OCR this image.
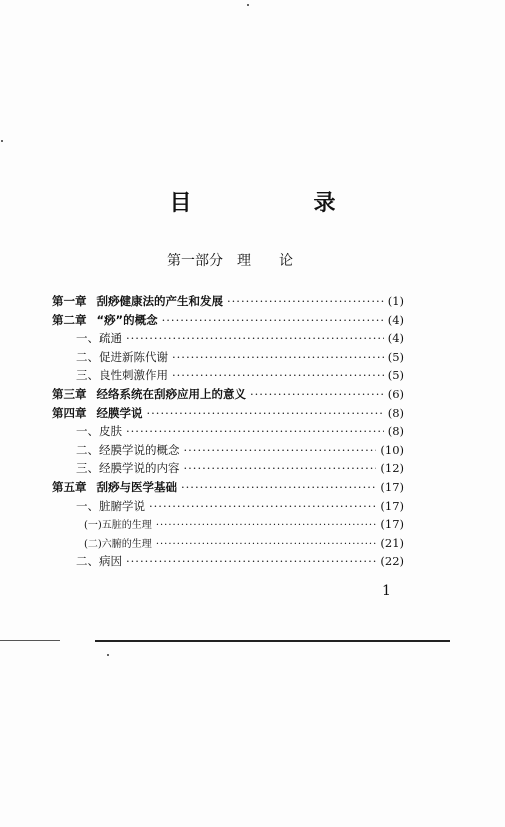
目　录
第一部分　理　　论
第一章 刮痧健康法的产生和发展 ·····	(1)
第二章 “痧”的概念 ·····	(4)
一、疏通 ·····	(4)
二、促进新陈代谢 ·····	(5)
三、良性刺激作用 ·····	(5)
第三章 经络系统在刮痧应用上的意义 ·····	(6)
第四章 经膜学说 ·····	(8)
一、皮肤 ·····	(8)
二、经膜学说的概念 ·····	(10)
三、经膜学说的内容 ·····	(12)
第五章 刮痧与医学基础 ·····	(17)
一、脏腑学说 ·····	(17)
(一)五脏的生理 ·····	(17)
(二)六腑的生理 ·····	(21)
二、病因 ·····	(22)
1
